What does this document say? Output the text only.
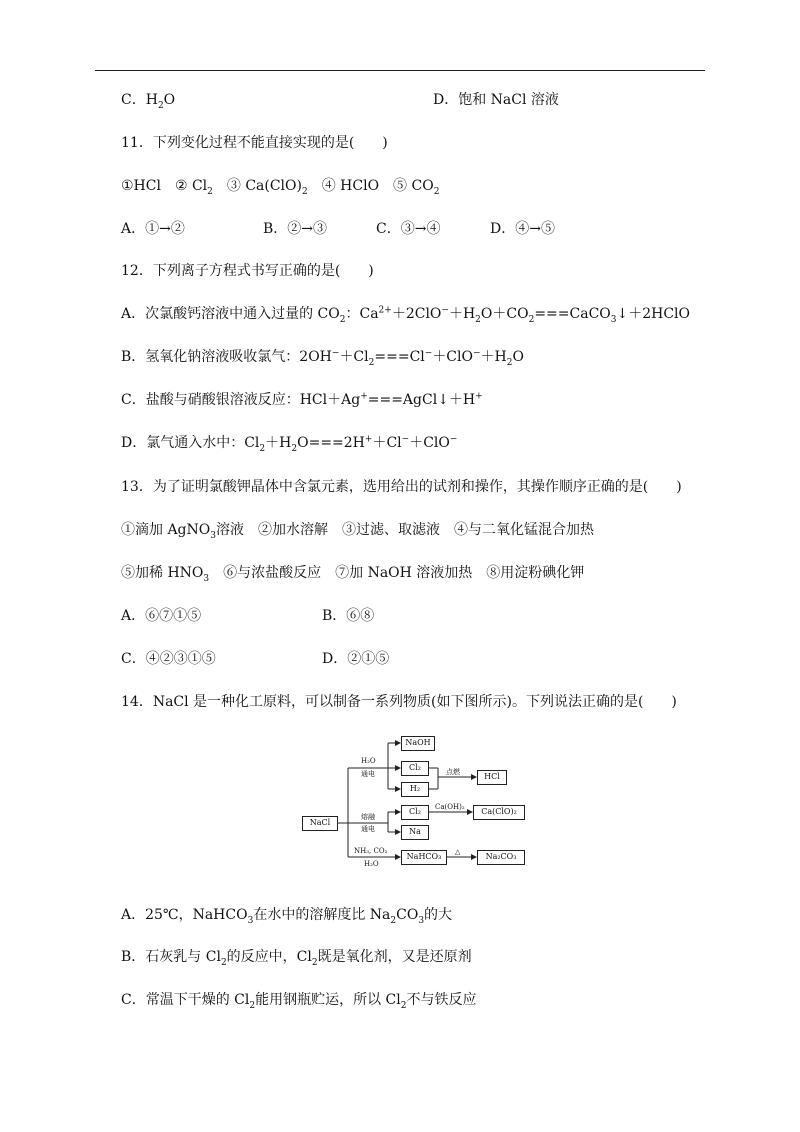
C．$H_2O$	D．饱和 NaCl 溶液
11．下列变化过程不能直接实现的是(　　)
①HCl　② $Cl_2$　③ $Ca(ClO)_2$　④ HClO　⑤ $CO_2$
A．①→②	B．②→③	C．③→④	D．④→⑤
12．下列离子方程式书写正确的是(　　)
A．次氯酸钙溶液中通入过量的 $CO_2$：$Ca^{2+}+2ClO^-+H_2O+CO_2===CaCO_3↓+2HClO$
B．氢氧化钠溶液吸收氯气：$2OH^-+Cl_2===Cl^-+ClO^-+H_2O$
C．盐酸与硝酸银溶液反应：HCl＋Ag+===AgCl↓＋H+
D．氯气通入水中：$Cl_2+H_2O===2H^++Cl^-+ClO^-$
13．为了证明氯酸钾晶体中含氯元素，选用给出的试剂和操作，其操作顺序正确的是(　　)
①滴加 AgNO$_3$溶液　②加水溶解　③过滤、取滤液　④与二氧化锰混合加热
⑤加稀 $HNO_3$　⑥与浓盐酸反应　⑦加 NaOH 溶液加热　⑧用淀粉碘化钾
A．⑥⑦①⑤	B．⑥⑧
C．④②③①⑤	D．②①⑤
14．NaCl 是一种化工原料，可以制备一系列物质(如下图所示)。下列说法正确的是(　　)
NaCl
NaOH
Cl₂
H₂
HCl
Cl₂
Na
Ca(ClO)₂
NaHCO₃	Na₂CO₃
H₂O
通电	点燃
熔融
通电
Ca(OH)₂
NH₃, CO₂
H₂O
△
A．25℃，NaHCO$_3$在水中的溶解度比 $Na_2CO_3$的大
B．石灰乳与 $Cl_2$的反应中，$Cl_2$既是氧化剂，又是还原剂
C．常温下干燥的 $Cl_2$能用钢瓶贮运，所以 $Cl_2$不与铁反应
